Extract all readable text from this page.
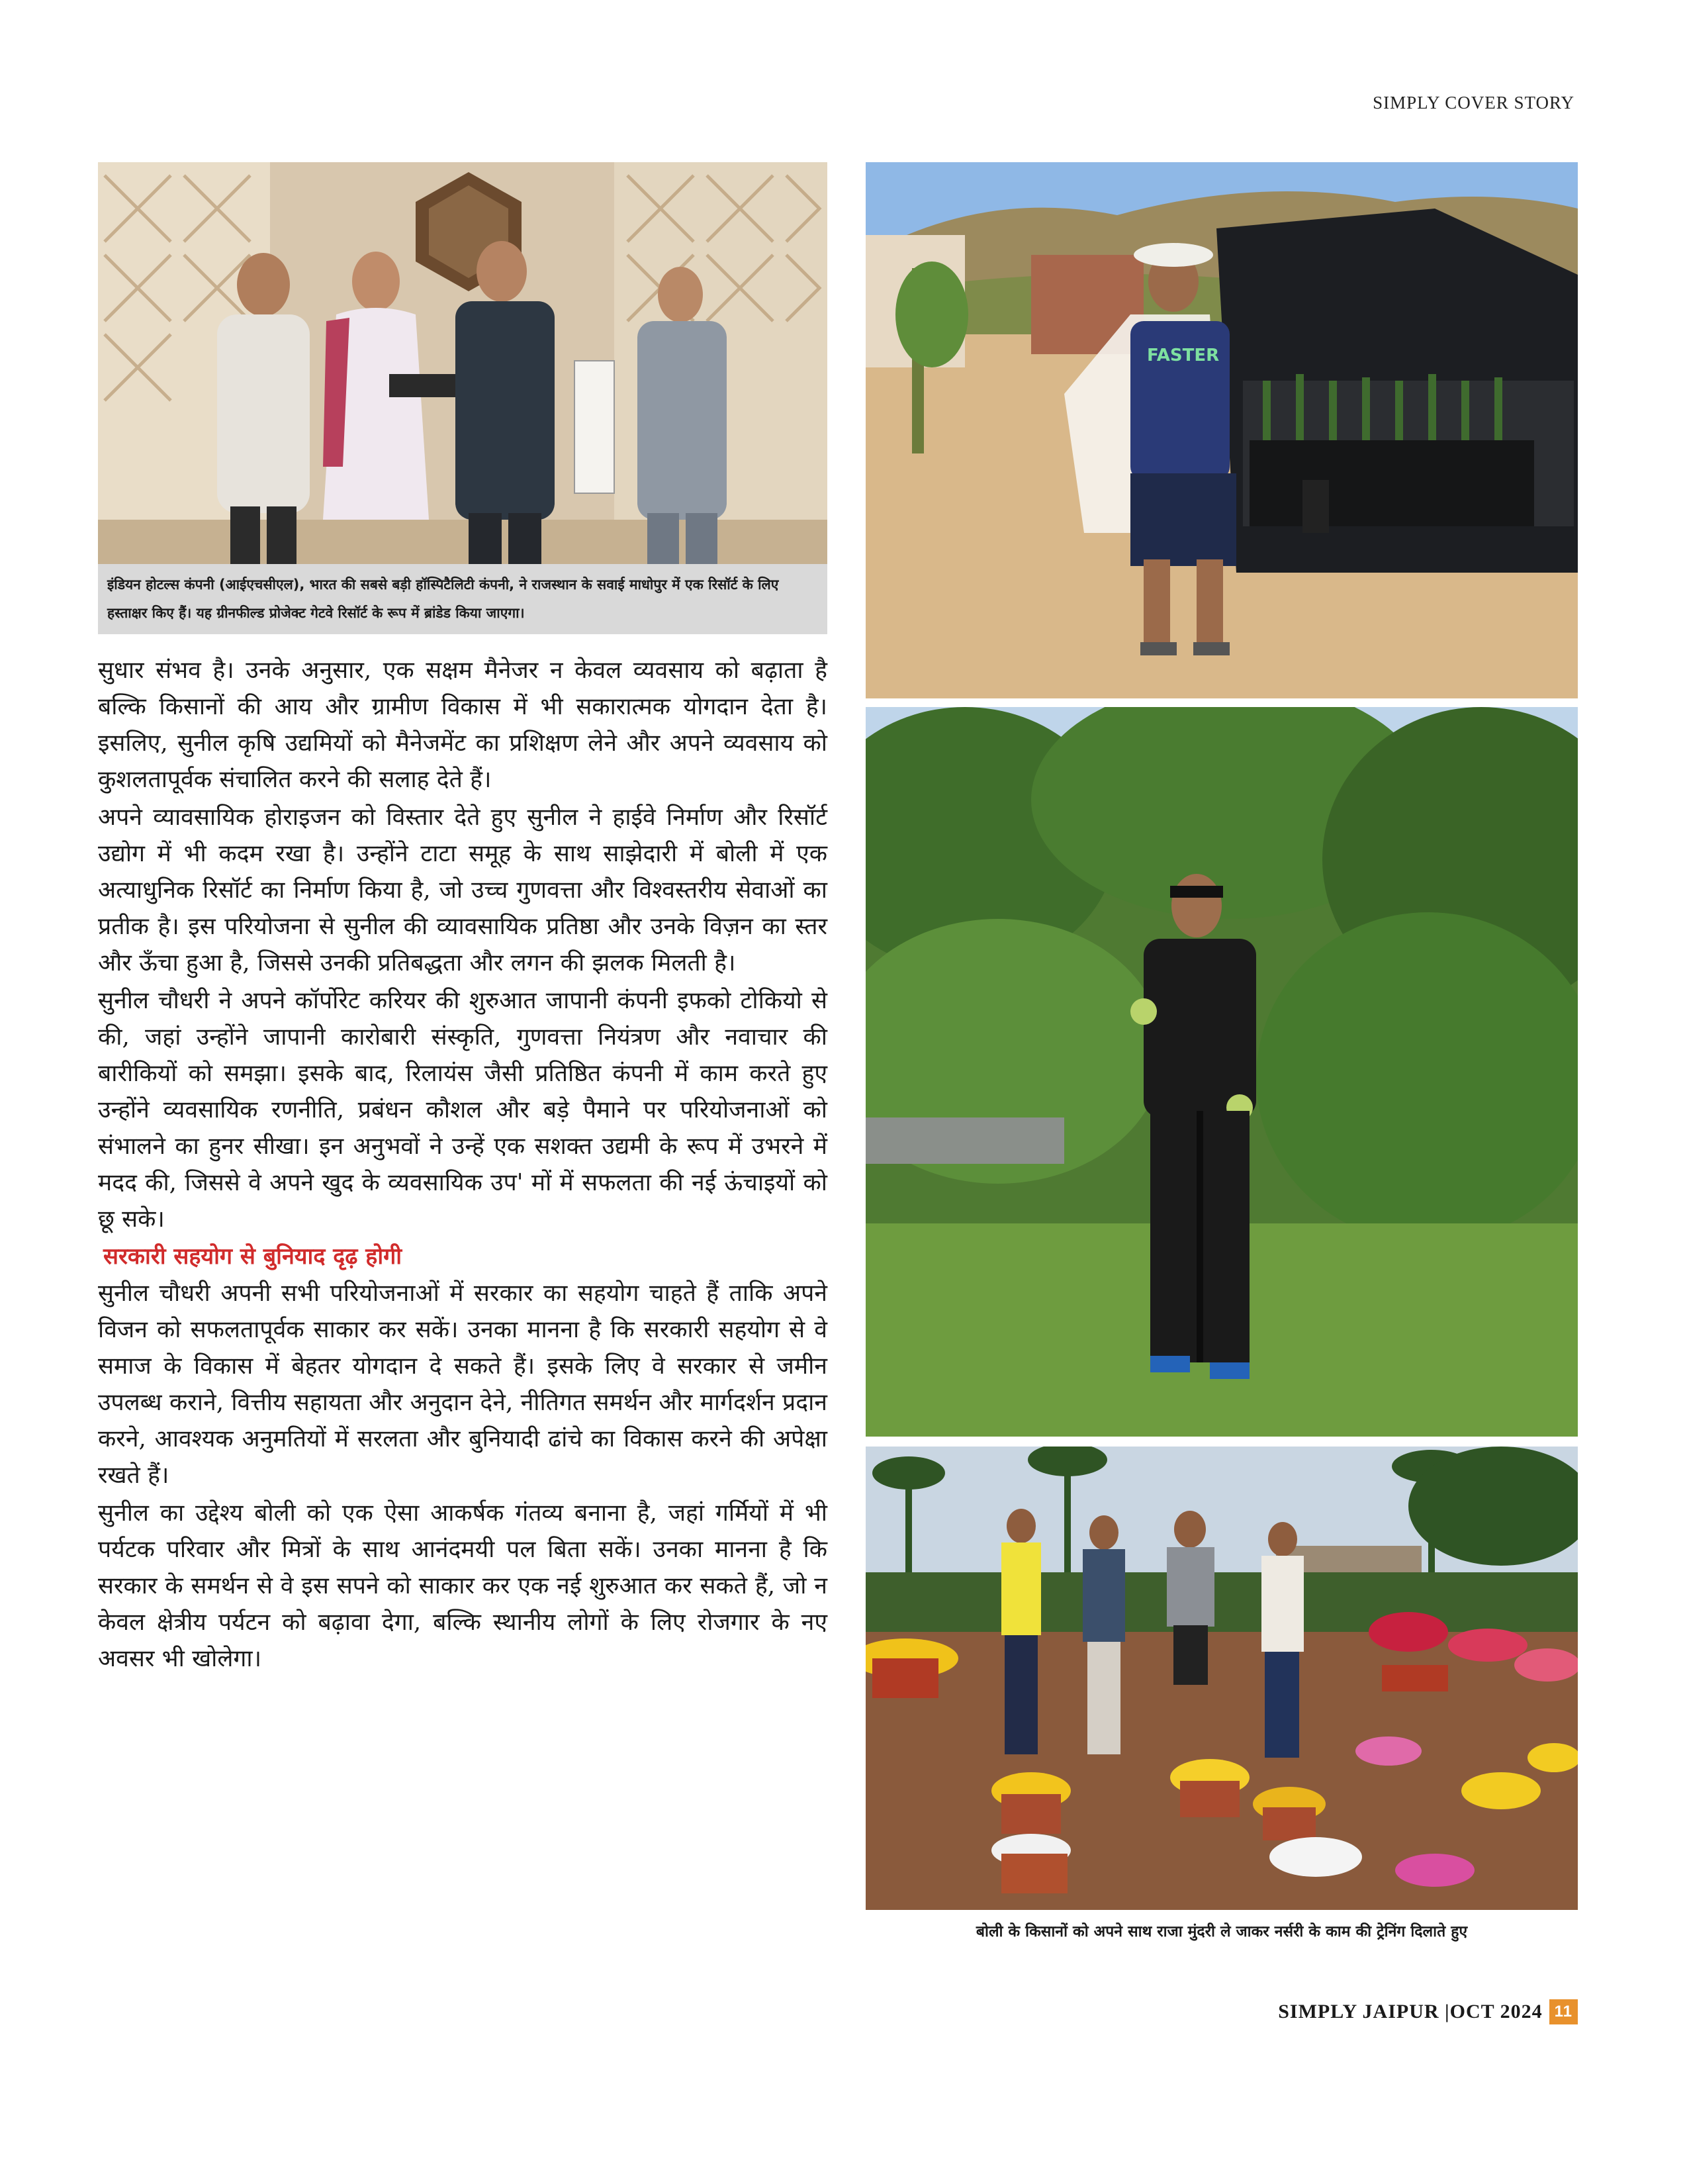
SIMPLY COVER STORY
इंडियन होटल्स कंपनी (आईएचसीएल), भारत की सबसे बड़ी हॉस्पिटैलिटी कंपनी, ने राजस्थान के सवाई माधोपुर में एक रिसॉर्ट के लिए हस्ताक्षर किए हैं। यह ग्रीनफील्ड प्रोजेक्ट गेटवे रिसॉर्ट के रूप में ब्रांडेड किया जाएगा।

सुधार संभव है। उनके अनुसार, एक सक्षम मैनेजर न केवल व्यवसाय को बढ़ाता है बल्कि किसानों की आय और ग्रामीण विकास में भी सकारात्मक योगदान देता है। इसलिए, सुनील कृषि उद्यमियों को मैनेजमेंट का प्रशिक्षण लेने और अपने व्यवसाय को कुशलतापूर्वक संचालित करने की सलाह देते हैं।

अपने व्यावसायिक होराइजन को विस्तार देते हुए सुनील ने हाईवे निर्माण और रिसॉर्ट उद्योग में भी कदम रखा है। उन्होंने टाटा समूह के साथ साझेदारी में बोली में एक अत्याधुनिक रिसॉर्ट का निर्माण किया है, जो उच्च गुणवत्ता और विश्वस्तरीय सेवाओं का प्रतीक है। इस परियोजना से सुनील की व्यावसायिक प्रतिष्ठा और उनके विज़न का स्तर और ऊँचा हुआ है, जिससे उनकी प्रतिबद्धता और लगन की झलक मिलती है।

सुनील चौधरी ने अपने कॉर्पोरेट करियर की शुरुआत जापानी कंपनी इफको टोकियो से की, जहां उन्होंने जापानी कारोबारी संस्कृति, गुणवत्ता नियंत्रण और नवाचार की बारीकियों को समझा। इसके बाद, रिलायंस जैसी प्रतिष्ठित कंपनी में काम करते हुए उन्होंने व्यवसायिक रणनीति, प्रबंधन कौशल और बड़े पैमाने पर परियोजनाओं को संभालने का हुनर सीखा। इन अनुभवों ने उन्हें एक सशक्त उद्यमी के रूप में उभरने में मदद की, जिससे वे अपने खुद के व्यवसायिक उप' मों में सफलता की नई ऊंचाइयों को छू सके।

सरकारी सहयोग से बुनियाद दृढ़ होगी

सुनील चौधरी अपनी सभी परियोजनाओं में सरकार का सहयोग चाहते हैं ताकि अपने विजन को सफलतापूर्वक साकार कर सकें। उनका मानना है कि सरकारी सहयोग से वे समाज के विकास में बेहतर योगदान दे सकते हैं। इसके लिए वे सरकार से जमीन उपलब्ध कराने, वित्तीय सहायता और अनुदान देने, नीतिगत समर्थन और मार्गदर्शन प्रदान करने, आवश्यक अनुमतियों में सरलता और बुनियादी ढांचे का विकास करने की अपेक्षा रखते हैं।

सुनील का उद्देश्य बोली को एक ऐसा आकर्षक गंतव्य बनाना है, जहां गर्मियों में भी पर्यटक परिवार और मित्रों के साथ आनंदमयी पल बिता सकें। उनका मानना है कि सरकार के समर्थन से वे इस सपने को साकार कर एक नई शुरुआत कर सकते हैं, जो न केवल क्षेत्रीय पर्यटन को बढ़ावा देगा, बल्कि स्थानीय लोगों के लिए रोजगार के नए अवसर भी खोलेगा।

FASTER
बोली के किसानों को अपने साथ राजा मुंदरी ले जाकर नर्सरी के काम की ट्रेनिंग दिलाते हुए
SIMPLY JAIPUR |OCT 2024 11
